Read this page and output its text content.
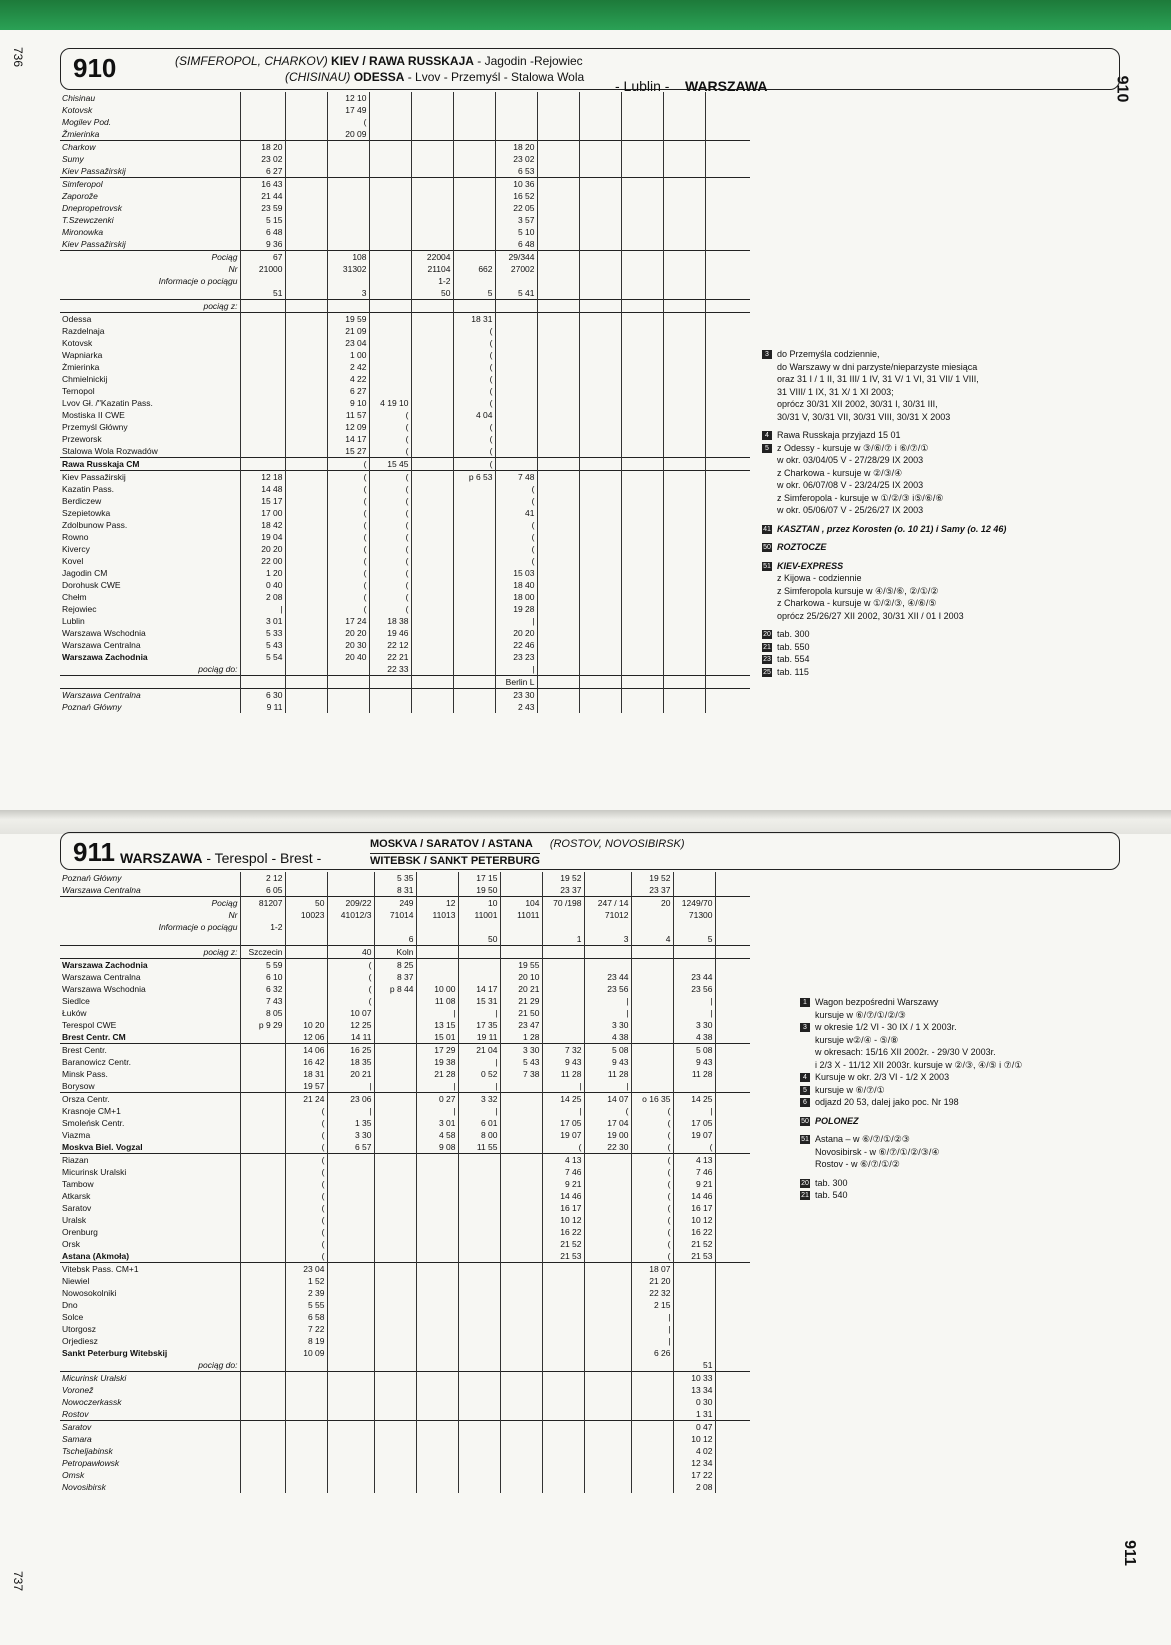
736
910
910	(SIMFEROPOL, CHARKOV) KIEV / RAWA RUSSKAJA - Jagodin -Rejowiec
(CHISINAU) ODESSA - Lvov - Przemyśl - Stalowa Wola
- Lublin - WARSZAWA
Chisinau			12 10									
Kotovsk			17 49									
Mogilev Pod.			(									
Žmierinka			20 09									
Charkow	18 20						18 20					
Sumy	23 02						23 02					
Kiev Passažirskij	6 27						6 53					
Simferopol	16 43						10 36					
Zaporože	21 44						16 52					
Dnepropetrovsk	23 59						22 05					
T.Szewczenki	5 15						3 57					
Mironowka	6 48						5 10					
Kiev Passažirskij	9 36						6 48					
Pociąg	67		108		22004		29/344					
Nr	21000		31302		21104	662	27002					
Informacje o pociągu					1-2							
	51		3		50	5	5 41					
pociąg z:												
Odessa			19 59			18 31						
Razdelnaja			21 09			(						
Kotovsk			23 04			(						
Wapniarka			1 00			(						
Żmierinka			2 42			(						
Chmielnickij			4 22			(						
Ternopol			6 27			(						
Lvov Gł. /"Kazatin Pass.			9 10	4 19 10		(						
Mostiska II CWE			11 57	(		4 04						
Przemyśl Główny			12 09	(		(						
Przeworsk			14 17	(		(						
Stalowa Wola Rozwadów			15 27	(		(						
Rawa Russkaja CM			(	15 45		(						
Kiev Passažirskij	12 18		(	(		p 6 53	7 48					
Kazatin Pass.	14 48		(	(			(					
Berdiczew	15 17		(	(			(					
Szepietowka	17 00		(	(			41					
Zdolbunow Pass.	18 42		(	(			(					
Rowno	19 04		(	(			(					
Kivercy	20 20		(	(			(					
Kovel	22 00		(	(			(					
Jagodin CM	1 20		(	(			15 03					
Dorohusk CWE	0 40		(	(			18 40					
Chełm	2 08		(	(			18 00					
Rejowiec	|		(	(			19 28					
Lublin	3 01		17 24	18 38			|					
Warszawa Wschodnia	5 33		20 20	19 46			20 20					
Warszawa Centralna	5 43		20 30	22 12			22 46					
Warszawa Zachodnia	5 54		20 40	22 21			23 23					
pociąg do:				22 33			|					
							Berlin L					
Warszawa Centralna	6 30						23 30					
Poznań Główny	9 11						2 43					
3 do Przemyśla codziennie,
do Warszawy w dni parzyste/nieparzyste miesiąca
oraz 31 I / 1 II, 31 III/ 1 IV, 31 V/ 1 VI, 31 VII/ 1 VIII,
31 VIII/ 1 IX, 31 X/ 1 XI 2003;
oprócz 30/31 XII 2002, 30/31 I, 30/31 III,
30/31 V, 30/31 VII, 30/31 VIII, 30/31 X 2003
4 Rawa Russkaja przyjazd 15 01
5 z Odessy - kursuje w ③/⑥/⑦ i ⑥/⑦/①
w okr. 03/04/05 V - 27/28/29 IX 2003
z Charkowa - kursuje w ②/③/④
w okr. 06/07/08 V - 23/24/25 IX 2003
z Simferopola - kursuje w ①/②/③ i⑤/⑥/⑥
w okr. 05/06/07 V - 25/26/27 IX 2003
41 KASZTAN , przez Korosten (o. 10 21) i Samy (o. 12 46)
50 ROZTOCZE
51 KIEV-EXPRESS
z Kijowa - codziennie
z Simferopola kursuje w ④/⑤/⑥, ②/①/②
z Charkowa - kursuje w ①/②/③, ④/⑥/⑤
oprócz 25/26/27 XII 2002, 30/31 XII / 01 I 2003
20 tab. 300
21 tab. 550
23 tab. 554
25 tab. 115
911
737
911 WARSZAWA - Terespol - Brest -
MOSKVA / SARATOV / ASTANA (ROSTOV, NOVOSIBIRSK)
WITEBSK / SANKT PETERBURG
Poznań Główny	2 12			5 35		17 15		19 52		19 52		
Warszawa Centralna	6 05			8 31		19 50		23 37		23 37		
Pociąg	81207	50	209/22	249	12	10	104	70 /198	247 / 14	20	1249/70	
Nr		10023	41012/3	71014	11013	11001	11011		71012		71300	
Informacje o pociągu	1-2											
				6		50		1	3	4	5	
pociąg z:	Szczecin		40	Koln								
Warszawa Zachodnia	5 59		(	8 25			19 55					
Warszawa Centralna	6 10		(	8 37			20 10		23 44		23 44	
Warszawa Wschodnia	6 32		(	p 8 44	10 00	14 17	20 21		23 56		23 56	
Siedlce	7 43		(		11 08	15 31	21 29		|		|	
Łuków	8 05		10 07		|	|	21 50		|		|	
Terespol CWE	p 9 29	10 20	12 25		13 15	17 35	23 47		3 30		3 30	
Brest Centr. CM		12 06	14 11		15 01	19 11	1 28		4 38		4 38	
Brest Centr.		14 06	16 25		17 29	21 04	3 30	7 32	5 08		5 08	
Baranowicz Centr.		16 42	18 35		19 38	|	5 43	9 43	9 43		9 43	
Minsk Pass.		18 31	20 21		21 28	0 52	7 38	11 28	11 28		11 28	
Borysow		19 57	|		|	|		|	|			
Orsza Centr.		21 24	23 06		0 27	3 32		14 25	14 07	o 16 35	14 25	
Krasnoje CM+1		(	|		|	|		|	(	(	|	
Smoleńsk Centr.		(	1 35		3 01	6 01		17 05	17 04	(	17 05	
Viazma		(	3 30		4 58	8 00		19 07	19 00	(	19 07	
Moskva Biel. Vogzal		(	6 57		9 08	11 55		(	22 30	(	(	
Riazan		(						4 13		(	4 13	
Micurinsk Uralski		(						7 46		(	7 46	
Tambow		(						9 21		(	9 21	
Atkarsk		(						14 46		(	14 46	
Saratov		(						16 17		(	16 17	
Uralsk		(						10 12		(	10 12	
Orenburg		(						16 22		(	16 22	
Orsk		(						21 52		(	21 52	
Astana (Akmoła)		(						21 53		(	21 53	
Vitebsk Pass. CM+1		23 04								18 07		
Niewiel		1 52								21 20		
Nowosokolniki		2 39								22 32		
Dno		5 55								2 15		
Solce		6 58								|		
Utorgosz		7 22								|		
Orjediesz		8 19								|		
Sankt Peterburg Witebskij		10 09								6 26		
pociąg do:											51	
Micurinsk Uralski											10 33	
Voronež											13 34	
Nowoczerkassk											0 30	
Rostov											1 31	
Saratov											0 47	
Samara											10 12	
Tscheljabinsk											4 02	
Petropawłowsk											12 34	
Omsk											17 22	
Novosibirsk											2 08	
1 Wagon bezpośredni Warszawy
kursuje w ⑥/⑦/①/②/③
3 w okresie 1/2 VI - 30 IX / 1 X 2003r.
kursuje w②/④ - ⑤/⑧
w okresach: 15/16 XII 2002r. - 29/30 V 2003r.
i 2/3 X - 11/12 XII 2003r. kursuje w ②/③, ④/⑤ i ⑦/①
4 Kursuje w okr. 2/3 VI - 1/2 X 2003
5 kursuje w ⑥/⑦/①
6 odjazd 20 53, dalej jako poc. Nr 198
50 POLONEZ
51 Astana – w ⑥/⑦/①/②③
Novosibirsk - w ⑥/⑦/①/②/③/④
Rostov - w ⑥/⑦/①/②
20 tab. 300
21 tab. 540
